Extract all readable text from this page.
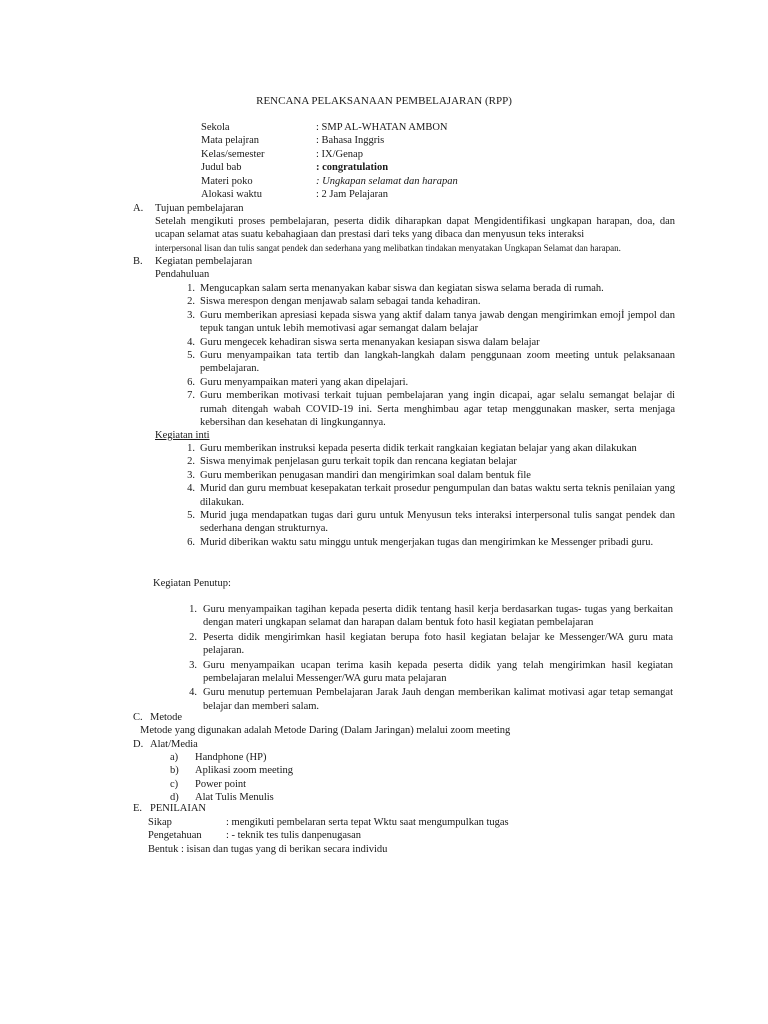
RENCANA PELAKSANAAN PEMBELAJARAN (RPP)
Sekola	: SMP AL-WHATAN AMBON
Mata pelajran	: Bahasa Inggris
Kelas/semester	: IX/Genap
Judul bab	: congratulation
Materi poko	: Ungkapan selamat dan harapan
Alokasi waktu	: 2 Jam Pelajaran
A. Tujuan pembelajaran
Setelah mengikuti proses pembelajaran, peserta didik diharapkan dapat Mengidentifikasi ungkapan harapan, doa, dan ucapan selamat atas suatu kebahagiaan dan prestasi dari teks yang dibaca dan menyusun teks interaksi
interpersonal lisan dan tulis sangat pendek dan sederhana yang melibatkan tindakan menyatakan Ungkapan Selamat dan harapan.
B. Kegiatan pembelajaran
Pendahuluan
1. Mengucapkan salam serta menanyakan kabar siswa dan kegiatan siswa selama berada di rumah.
2. Siswa merespon dengan menjawab salam sebagai tanda kehadiran.
3. Guru memberikan apresiasi kepada siswa yang aktif dalam tanya jawab dengan mengirimkan emojİ jempol dan tepuk tangan untuk lebih memotivasi agar semangat dalam belajar
4. Guru mengecek kehadiran siswa serta menanyakan kesiapan siswa dalam belajar
5. Guru menyampaikan tata tertib dan langkah-langkah dalam penggunaan zoom meeting untuk pelaksanaan pembelajaran.
6. Guru menyampaikan materi yang akan dipelajari.
7. Guru memberikan motivasi terkait tujuan pembelajaran yang ingin dicapai, agar selalu semangat belajar di rumah ditengah wabah COVID-19 ini. Serta menghimbau agar tetap menggunakan masker, serta menjaga kebersihan dan kesehatan di lingkungannya.
Kegiatan inti
1. Guru memberikan instruksi kepada peserta didik terkait rangkaian kegiatan belajar yang akan dilakukan
2. Siswa menyimak penjelasan guru terkait topik dan rencana kegiatan belajar
3. Guru memberikan penugasan mandiri dan mengirimkan soal dalam bentuk file
4. Murid dan guru membuat kesepakatan terkait prosedur pengumpulan dan batas waktu serta teknis penilaian yang dilakukan.
5. Murid juga mendapatkan tugas dari guru untuk Menyusun teks interaksi interpersonal tulis sangat pendek dan sederhana dengan strukturnya.
6. Murid diberikan waktu satu minggu untuk mengerjakan tugas dan mengirimkan ke Messenger pribadi guru.
Kegiatan Penutup:
1. Guru menyampaikan tagihan kepada peserta didik tentang hasil kerja berdasarkan tugas- tugas yang berkaitan dengan materi ungkapan selamat dan harapan dalam bentuk foto hasil kegiatan pembelajaran
2. Peserta didik mengirimkan hasil kegiatan berupa foto hasil kegiatan belajar ke Messenger/WA guru mata pelajaran.
3. Guru menyampaikan ucapan terima kasih kepada peserta didik yang telah mengirimkan hasil kegiatan pembelajaran melalui Messenger/WA guru mata pelajaran
4. Guru menutup pertemuan Pembelajaran Jarak Jauh dengan memberikan kalimat motivasi agar tetap semangat belajar dan memberi salam.
C. Metode
Metode yang digunakan adalah Metode Daring (Dalam Jaringan) melalui zoom meeting
D. Alat/Media
a) Handphone (HP)
b) Aplikasi zoom meeting
c) Power point
d) Alat Tulis Menulis
E. PENILAIAN
Sikap	: mengikuti pembelaran serta tepat Wktu saat mengumpulkan tugas
Pengetahuan : - teknik tes tulis danpenugasan
Bentuk : isisan dan tugas yang di berikan secara individu
